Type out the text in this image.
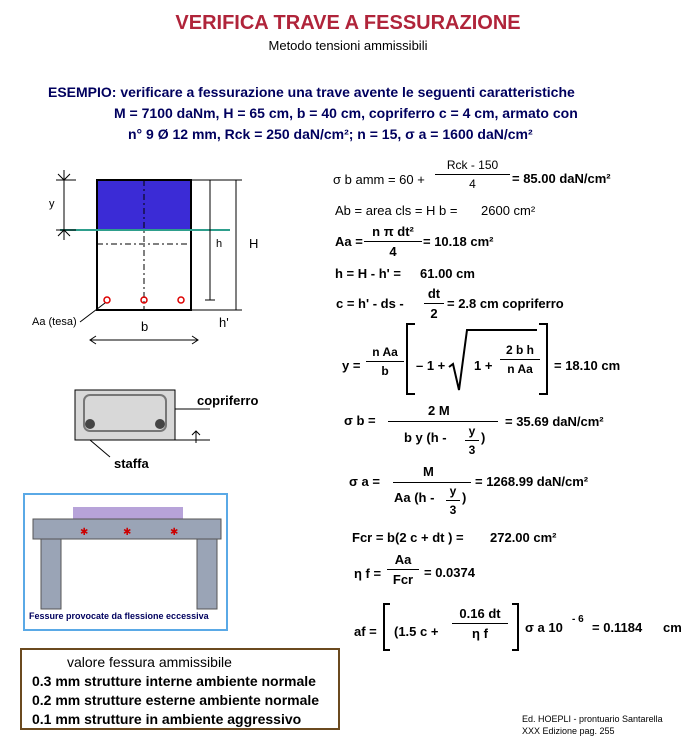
VERIFICA TRAVE A FESSURAZIONE
Metodo tensioni ammissibili
ESEMPIO: verificare a fessurazione una trave avente le seguenti caratteristiche
M = 7100 daNm, H = 65 cm, b = 40 cm, copriferro c = 4 cm, armato con
n° 9 Ø 12 mm, Rck = 250 daN/cm²; n = 15, σ a = 1600 daN/cm²
y
h H
h'
b
Aa (tesa)
copriferro
staffa
✱	✱	✱
Fessure provocate da flessione eccessiva
σ b amm = 60 +
Rck - 150
4	= 85.00 daN/cm²
Ab = area cls = H b = 2600 cm²
Aa =
n π dt²
4
= 10.18 cm²
h = H - h' = 61.00 cm
c = h' - ds -
dt
2
= 2.8 cm copriferro
y =
n Aa
b	– 1 + 1 +
2 b h
n Aa	= 18.10 cm
σ b =
2 M
b y (h -	y
3
)
= 35.69 daN/cm²
σ a =
M
Aa (h -	y
3
)
= 1268.99 daN/cm²
Fcr = b(2 c + dt ) = 272.00 cm²
η f =
Aa
Fcr = 0.0374
af = (1.5 c +
0.16 dt
η f	σ a 10
- 6
= 0.1184 cm
valore fessura ammissibile
0.3 mm strutture interne ambiente normale
0.2 mm strutture esterne ambiente normale
0.1 mm strutture in ambiente aggressivo	Ed. HOEPLI - prontuario Santarella
XXX Edizione pag. 255
